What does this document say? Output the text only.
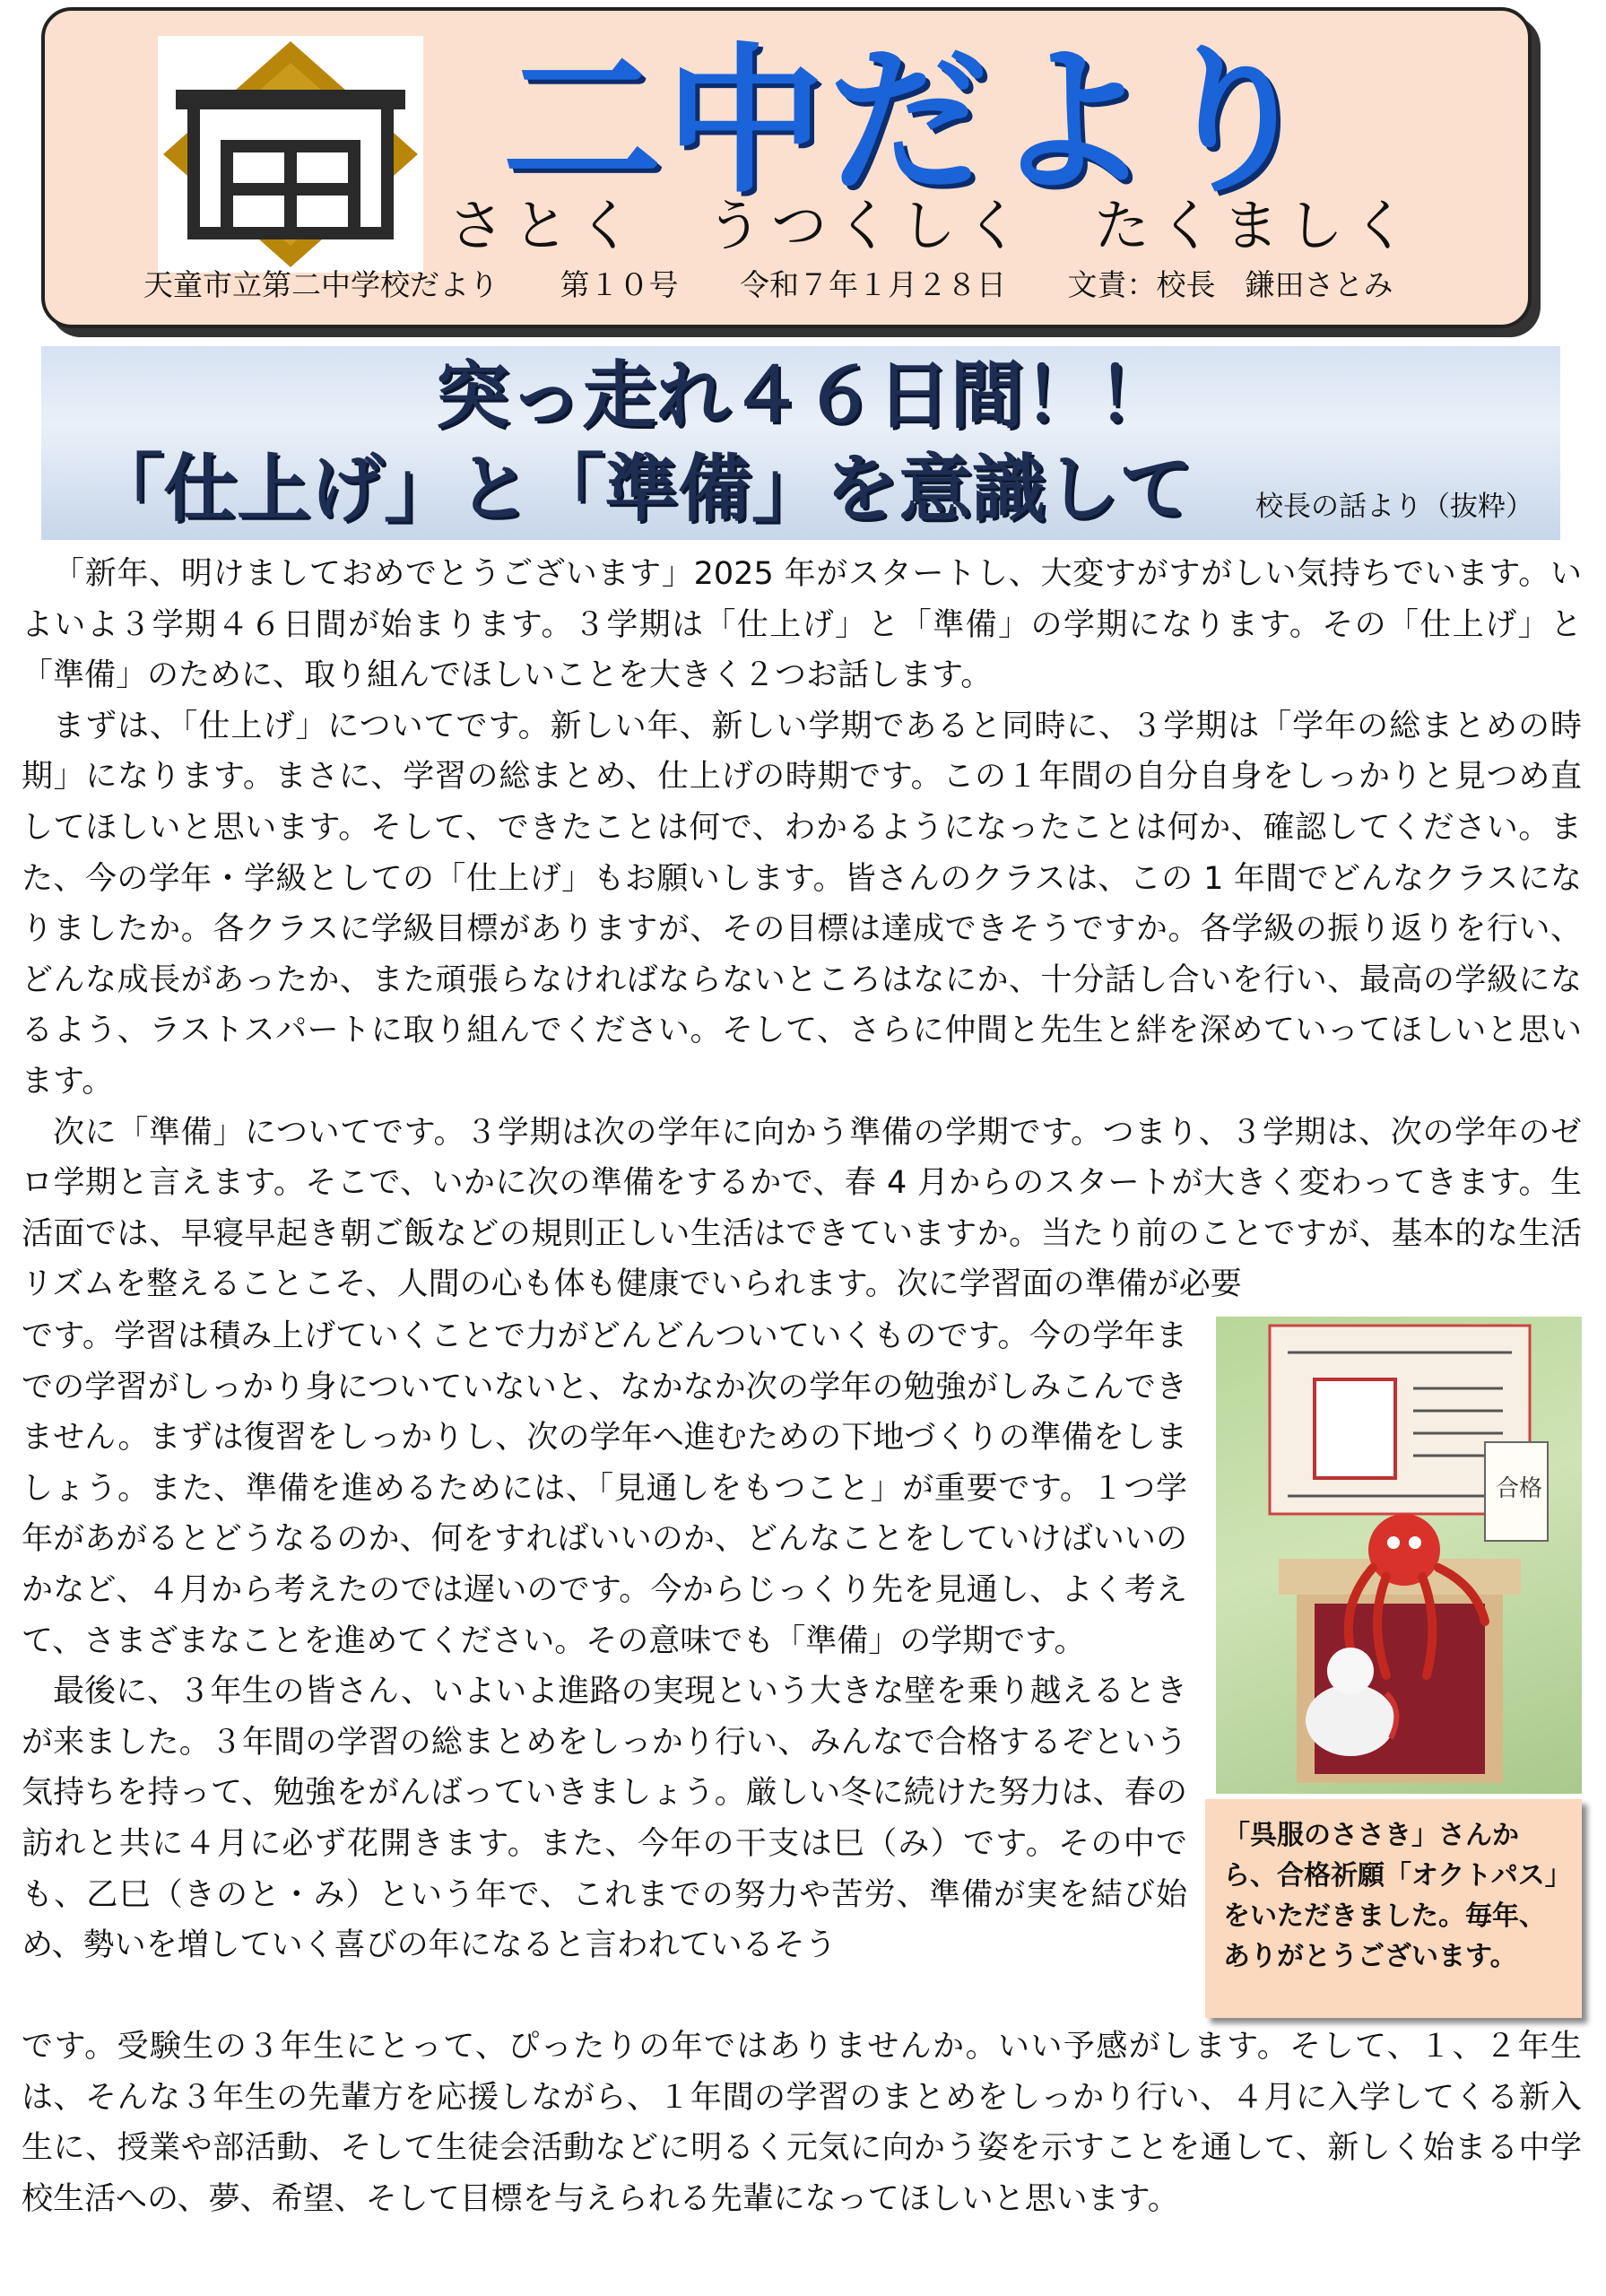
二中だより
さとく　うつくしく　たくましく
天童市立第二中学校だより 第１０号 令和７年１月２８日 文責：校長　鎌田さとみ
突っ走れ４６日間！！
「仕上げ」と「準備」を意識して	校長の話より（抜粋）

「新年、明けましておめでとうございます」2025 年がスタートし、大変すがすがしい気持ちでいます。いよいよ３学期４６日間が始まります。３学期は「仕上げ」と「準備」の学期になります。その「仕上げ」と「準備」のために、取り組んでほしいことを大きく２つお話します。

まずは、「仕上げ」についてです。新しい年、新しい学期であると同時に、３学期は「学年の総まとめの時期」になります。まさに、学習の総まとめ、仕上げの時期です。この１年間の自分自身をしっかりと見つめ直してほしいと思います。そして、できたことは何で、わかるようになったことは何か、確認してください。また、今の学年・学級としての「仕上げ」もお願いします。皆さんのクラスは、この 1 年間でどんなクラスになりましたか。各クラスに学級目標がありますが、その目標は達成できそうですか。各学級の振り返りを行い、どんな成長があったか、また頑張らなければならないところはなにか、十分話し合いを行い、最高の学級になるよう、ラストスパートに取り組んでください。そして、さらに仲間と先生と絆を深めていってほしいと思います。

次に「準備」についてです。３学期は次の学年に向かう準備の学期です。つまり、３学期は、次の学年のゼロ学期と言えます。そこで、いかに次の準備をするかで、春 4 月からのスタートが大きく変わってきます。生活面では、早寝早起き朝ご飯などの規則正しい生活はできていますか。当たり前のことですが、基本的な生活リズムを整えることこそ、人間の心も体も健康でいられます。次に学習面の準備が必要

です。学習は積み上げていくことで力がどんどんついていくものです。今の学年までの学習がしっかり身についていないと、なかなか次の学年の勉強がしみこんできません。まずは復習をしっかりし、次の学年へ進むための下地づくりの準備をしましょう。また、準備を進めるためには、「見通しをもつこと」が重要です。１つ学年があがるとどうなるのか、何をすればいいのか、どんなことをしていけばいいのかなど、４月から考えたのでは遅いのです。今からじっくり先を見通し、よく考えて、さまざまなことを進めてください。その意味でも「準備」の学期です。

最後に、３年生の皆さん、いよいよ進路の実現という大きな壁を乗り越えるときが来ました。３年間の学習の総まとめをしっかり行い、みんなで合格するぞという気持ちを持って、勉強をがんばっていきましょう。厳しい冬に続けた努力は、春の訪れと共に４月に必ず花開きます。また、今年の干支は巳（み）です。その中でも、乙巳（きのと・み）という年で、これまでの努力や苦労、準備が実を結び始め、勢いを増していく喜びの年になると言われているそう

です。受験生の３年生にとって、ぴったりの年ではありませんか。いい予感がします。そして、１、２年生は、そんな３年生の先輩方を応援しながら、１年間の学習のまとめをしっかり行い、４月に入学してくる新入生に、授業や部活動、そして生徒会活動などに明るく元気に向かう姿を示すことを通して、新しく始まる中学校生活への、夢、希望、そして目標を与えられる先輩になってほしいと思います。

合格
「呉服のささき」さんから、合格祈願「オクトパス」をいただきました。毎年、ありがとうございます。
